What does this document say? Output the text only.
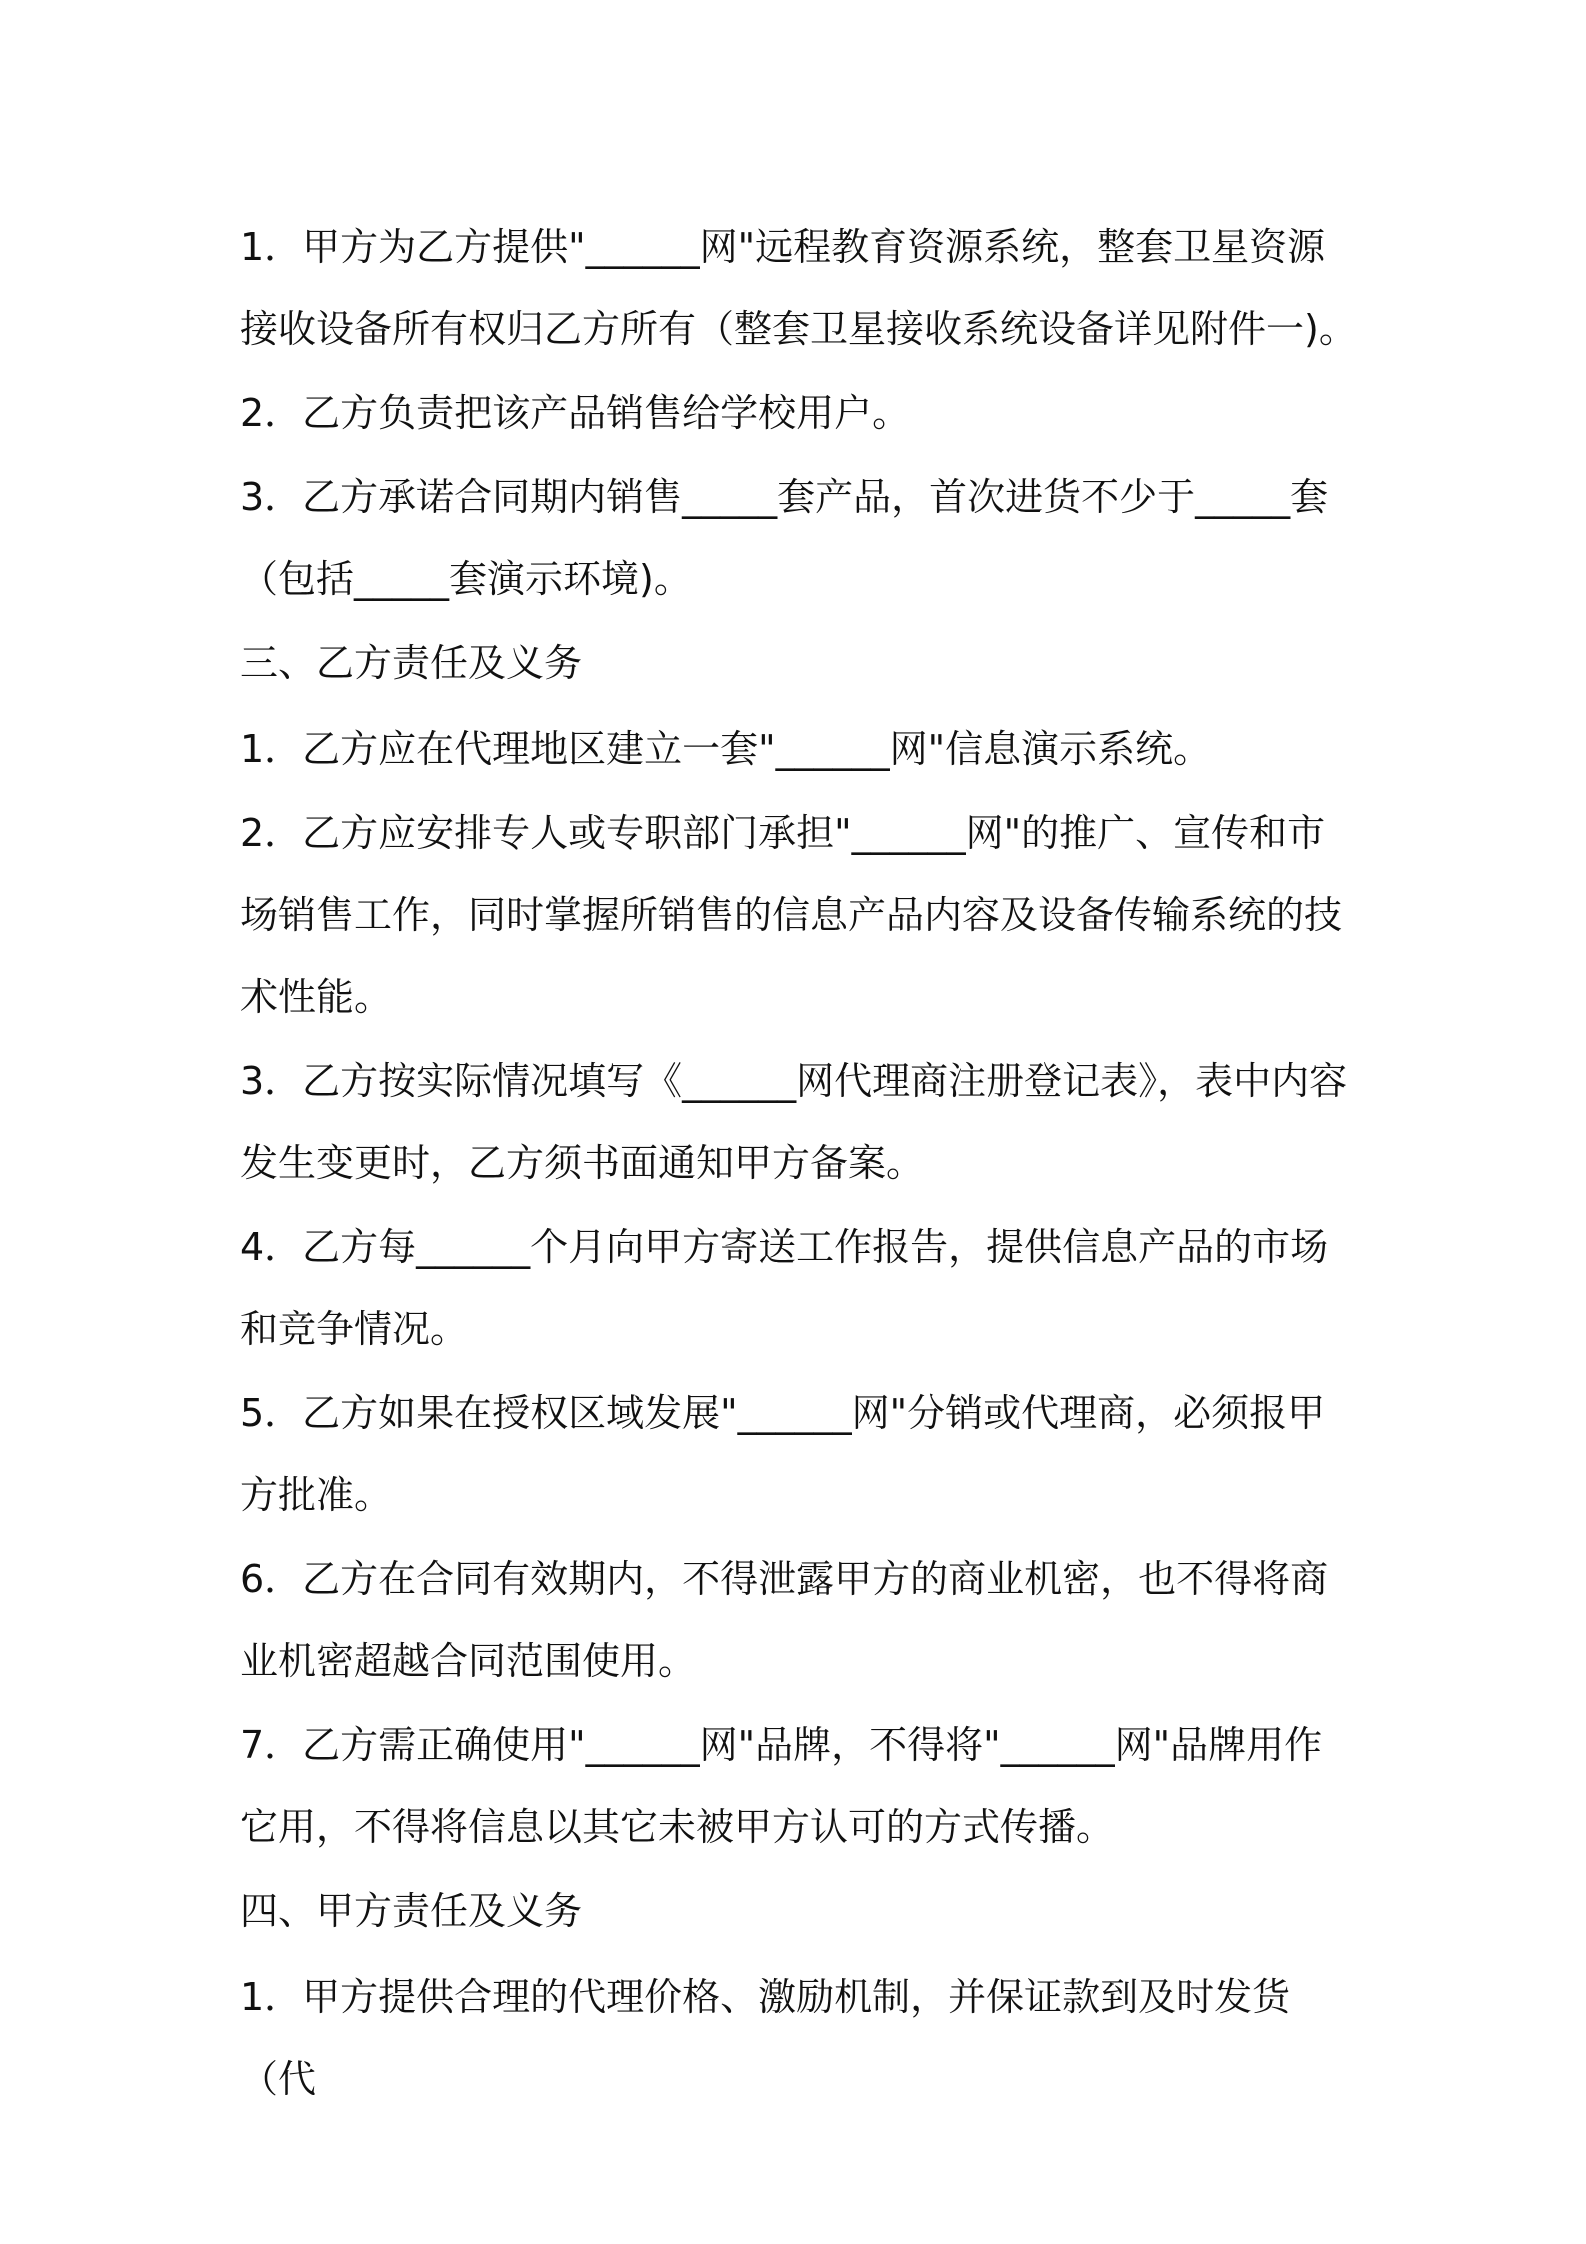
1．甲方为乙方提供"______网"远程教育资源系统，整套卫星资源接收设备所有权归乙方所有（整套卫星接收系统设备详见附件一)。

2．乙方负责把该产品销售给学校用户。

3．乙方承诺合同期内销售_____套产品，首次进货不少于_____套（包括_____套演示环境)。

三、乙方责任及义务

1．乙方应在代理地区建立一套"______网"信息演示系统。

2．乙方应安排专人或专职部门承担"______网"的推广、宣传和市场销售工作，同时掌握所销售的信息产品内容及设备传输系统的技术性能。

3．乙方按实际情况填写《______网代理商注册登记表》，表中内容发生变更时，乙方须书面通知甲方备案。

4．乙方每______个月向甲方寄送工作报告，提供信息产品的市场和竞争情况。

5．乙方如果在授权区域发展"______网"分销或代理商，必须报甲方批准。

6．乙方在合同有效期内，不得泄露甲方的商业机密，也不得将商业机密超越合同范围使用。

7．乙方需正确使用"______网"品牌，不得将"______网"品牌用作它用，不得将信息以其它未被甲方认可的方式传播。

四、甲方责任及义务

1．甲方提供合理的代理价格、激励机制，并保证款到及时发货（代
